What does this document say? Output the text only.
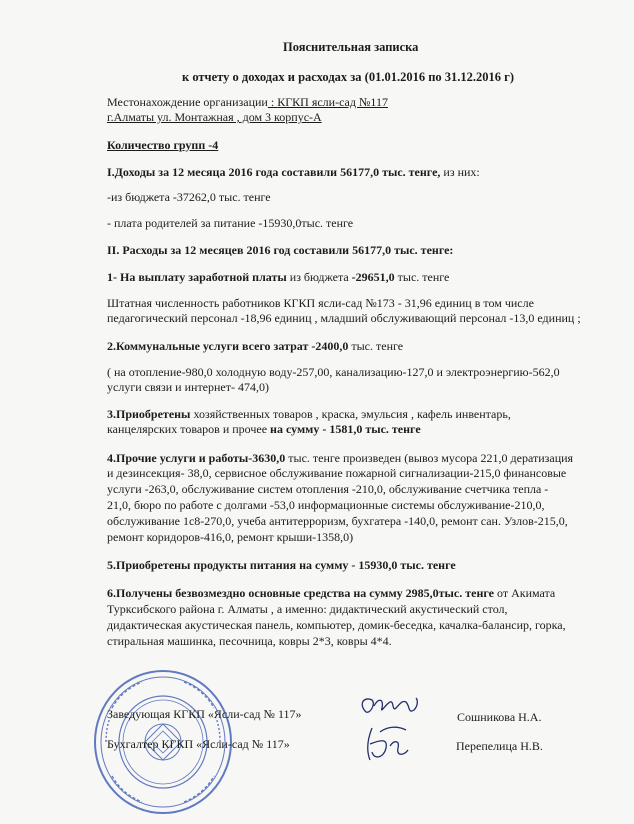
Пояснительная записка
к отчету о доходах и расходах за (01.01.2016 по 31.12.2016 г)
Местонахождение организации : КГКП ясли-сад №117
г.Алматы ул. Монтажная , дом 3 корпус-А
Количество групп -4
I.Доходы за 12 месяца 2016 года составили 56177,0 тыс. тенге, из них:
-из бюджета -37262,0 тыс. тенге
- плата родителей за питание -15930,0тыс. тенге
II. Расходы за 12 месяцев 2016 год составили 56177,0 тыс. тенге:
1- На выплату заработной платы из бюджета -29651,0 тыс. тенге
Штатная численность работников КГКП ясли-сад №173 - 31,96 единиц в том числе
педагогический персонал -18,96 единиц , младший обслуживающий персонал -13,0 единиц ;
2.Коммунальные услуги всего затрат -2400,0 тыс. тенге
( на отопление-980,0 холодную воду-257,00, канализацию-127,0 и электроэнергию-562,0
услуги связи и интернет- 474,0)
3.Приобретены хозяйственных товаров , краска, эмульсия , кафель инвентарь,
канцелярских товаров и прочее на сумму - 1581,0 тыс. тенге
4.Прочие услуги и работы-3630,0 тыс. тенге произведен (вывоз мусора 221,0 дератизация
и дезинсекция- 38,0, сервисное обслуживание пожарной сигнализации-215,0 финансовые
услуги -263,0, обслуживание систем отопления -210,0, обслуживание счетчика тепла -
21,0, бюро по работе с долгами -53,0 информационные системы обслуживание-210,0,
обслуживание 1с8-270,0, учеба антитерроризм, бухгатера -140,0, ремонт сан. Узлов-215,0,
ремонт коридоров-416,0, ремонт крыши-1358,0)
5.Приобретены продукты питания на сумму - 15930,0 тыс. тенге
6.Получены безвозмездно основные средства на сумму 2985,0тыс. тенге от Акимата
Турксибского района г. Алматы , а именно: дидактический акустический стол,
дидактическая акустическая панель, компьютер, домик-беседка, качалка-балансир, горка,
стиральная машинка, песочница, ковры 2*3, ковры 4*4.
Заведующая КГКП «Ясли-сад № 117»
Бухгалтер КГКП «Ясли-сад № 117»
Сошникова Н.А.
Перепелица Н.В.
